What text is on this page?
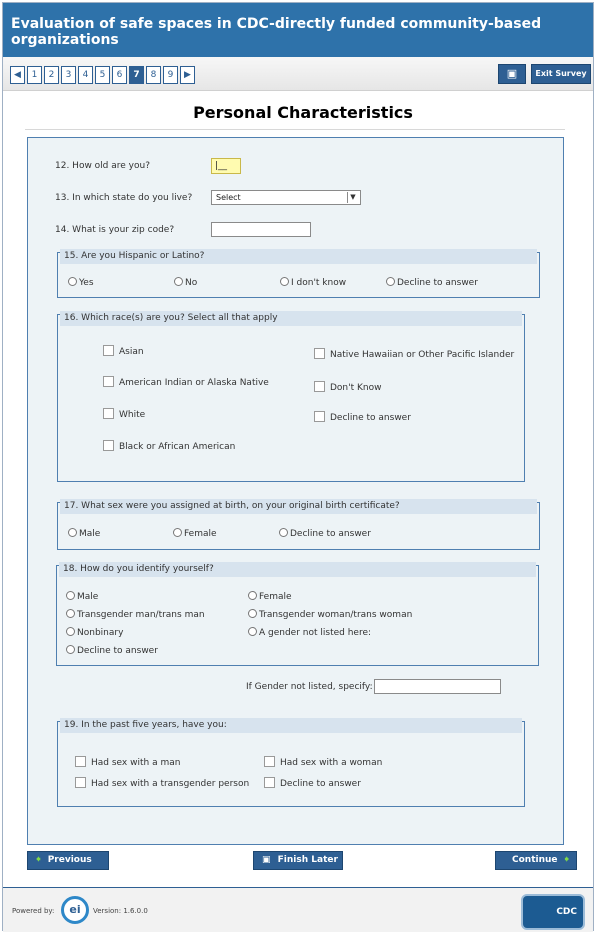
Evaluation of safe spaces in CDC-directly funded community-based organizations
◀	1	2	3	4	5	6	7	8	9	▶	▣	Exit Survey
Personal Characteristics
12. How old are you?	|__
13. In which state do you live?	Select	▼
14. What is your zip code?
15. Are you Hispanic or Latino?
Yes	No	I don't know	Decline to answer
16. Which race(s) are you? Select all that apply
Asian
American Indian or Alaska Native
White
Black or African American
Native Hawaiian or Other Pacific Islander
Don't Know
Decline to answer
17. What sex were you assigned at birth, on your original birth certificate?
Male	Female	Decline to answer
18. How do you identify yourself?
Male	Female
Transgender man/trans man	Transgender woman/trans woman
Nonbinary	A gender not listed here:
Decline to answer
If Gender not listed, specify:
19. In the past five years, have you:
Had sex with a man	Had sex with a woman
Had sex with a transgender person	Decline to answer
🠸 Previous	▣ Finish Later	Continue 🠺
Powered by:	ei	Version: 1.6.0.0	CDC
